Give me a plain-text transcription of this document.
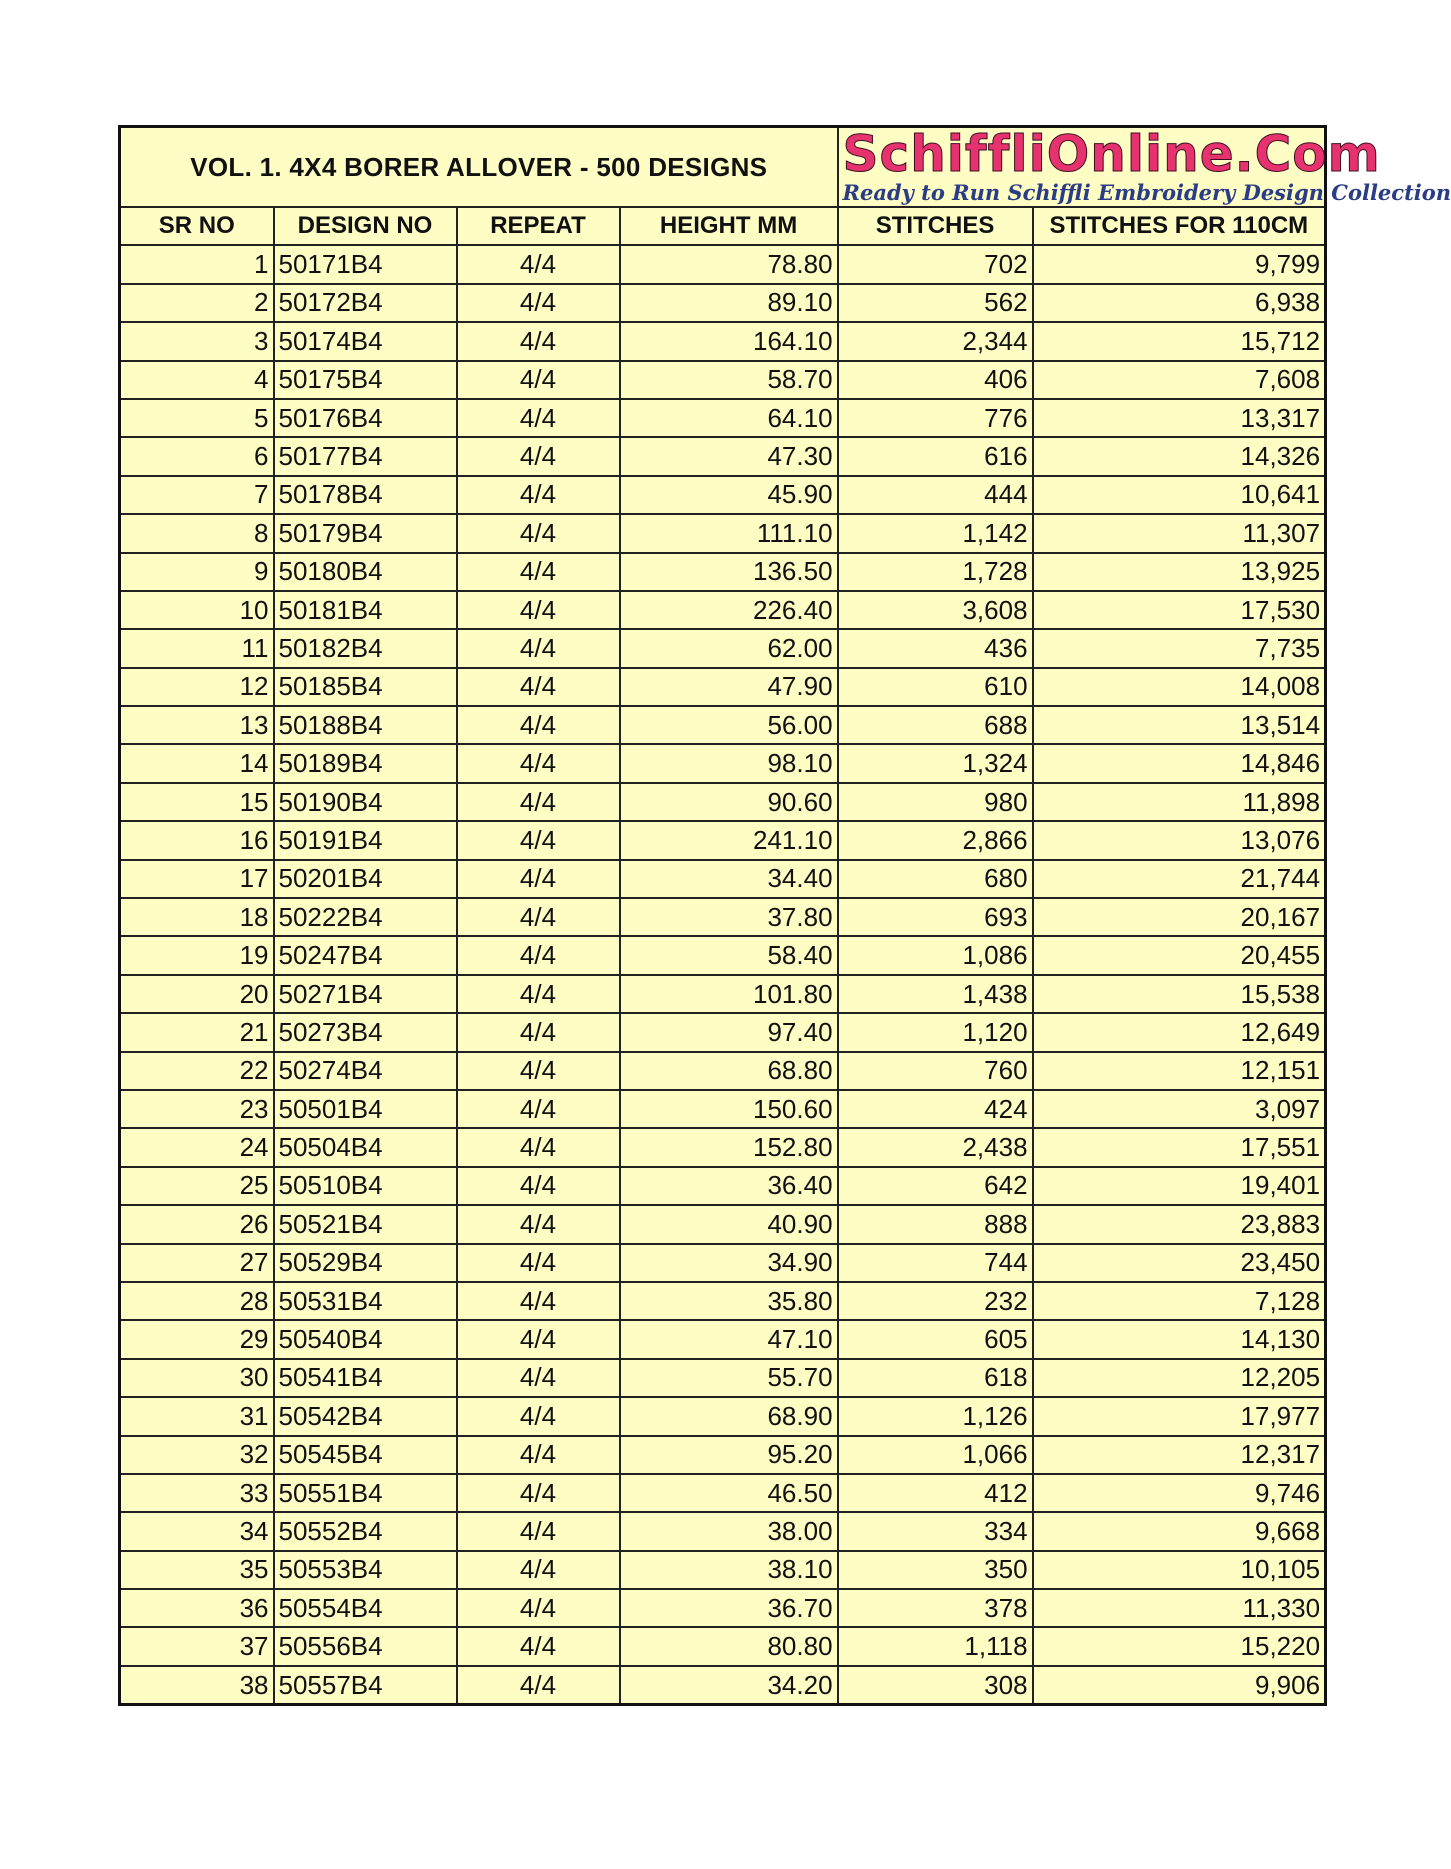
VOL. 1. 4X4 BORER ALLOVER - 500 DESIGNS				SchiffliOnline.Com
Ready to Run Schiffli Embroidery Design Collection	

SR NO	DESIGN NO	REPEAT	HEIGHT MM	STITCHES	STITCHES FOR 110CM
1	50171B4	4/4	78.80	702	9,799
2	50172B4	4/4	89.10	562	6,938
3	50174B4	4/4	164.10	2,344	15,712
4	50175B4	4/4	58.70	406	7,608
5	50176B4	4/4	64.10	776	13,317
6	50177B4	4/4	47.30	616	14,326
7	50178B4	4/4	45.90	444	10,641
8	50179B4	4/4	111.10	1,142	11,307
9	50180B4	4/4	136.50	1,728	13,925
10	50181B4	4/4	226.40	3,608	17,530
11	50182B4	4/4	62.00	436	7,735
12	50185B4	4/4	47.90	610	14,008
13	50188B4	4/4	56.00	688	13,514
14	50189B4	4/4	98.10	1,324	14,846
15	50190B4	4/4	90.60	980	11,898
16	50191B4	4/4	241.10	2,866	13,076
17	50201B4	4/4	34.40	680	21,744
18	50222B4	4/4	37.80	693	20,167
19	50247B4	4/4	58.40	1,086	20,455
20	50271B4	4/4	101.80	1,438	15,538
21	50273B4	4/4	97.40	1,120	12,649
22	50274B4	4/4	68.80	760	12,151
23	50501B4	4/4	150.60	424	3,097
24	50504B4	4/4	152.80	2,438	17,551
25	50510B4	4/4	36.40	642	19,401
26	50521B4	4/4	40.90	888	23,883
27	50529B4	4/4	34.90	744	23,450
28	50531B4	4/4	35.80	232	7,128
29	50540B4	4/4	47.10	605	14,130
30	50541B4	4/4	55.70	618	12,205
31	50542B4	4/4	68.90	1,126	17,977
32	50545B4	4/4	95.20	1,066	12,317
33	50551B4	4/4	46.50	412	9,746
34	50552B4	4/4	38.00	334	9,668
35	50553B4	4/4	38.10	350	10,105
36	50554B4	4/4	36.70	378	11,330
37	50556B4	4/4	80.80	1,118	15,220
38	50557B4	4/4	34.20	308	9,906
